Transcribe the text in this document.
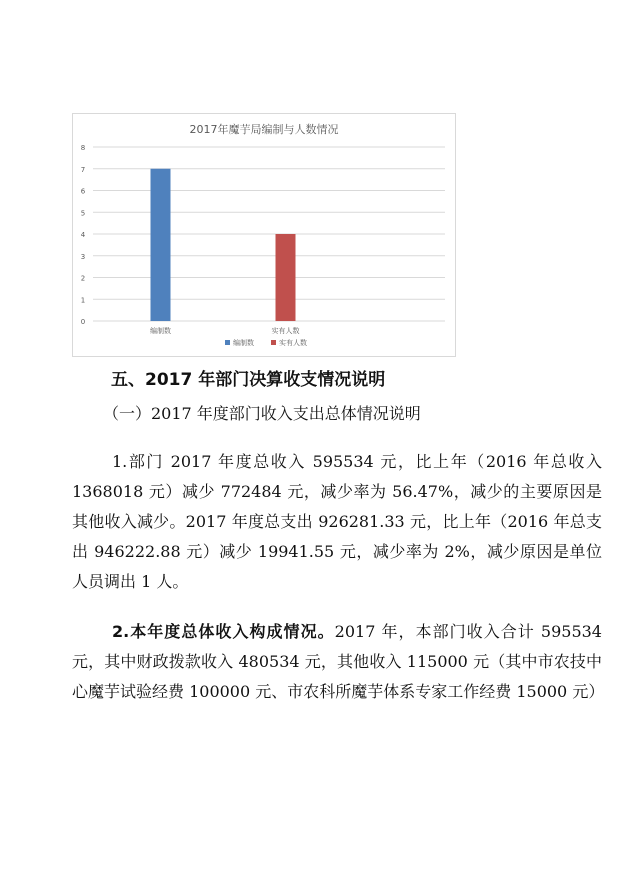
2017年魔芋局编制与人数情况
0
1
2
3
4
5
6
7
8
编制数	实有人数
编制数	实有人数
五、2017 年部门决算收支情况说明
（一）2017 年度部门收入支出总体情况说明

1.部门 2017 年度总收入 595534 元，比上年（2016 年总收入 1368018 元）减少 772484 元，减少率为 56.47%，减少的主要原因是其他收入减少。2017 年度总支出 926281.33 元，比上年（2016 年总支出 946222.88 元）减少 19941.55 元，减少率为 2%，减少原因是单位人员调出 1 人。

2.本年度总体收入构成情况。2017 年，本部门收入合计 595534 元，其中财政拨款收入 480534 元，其他收入 115000 元（其中市农技中心魔芋试验经费 100000 元、市农科所魔芋体系专家工作经费 15000 元）
